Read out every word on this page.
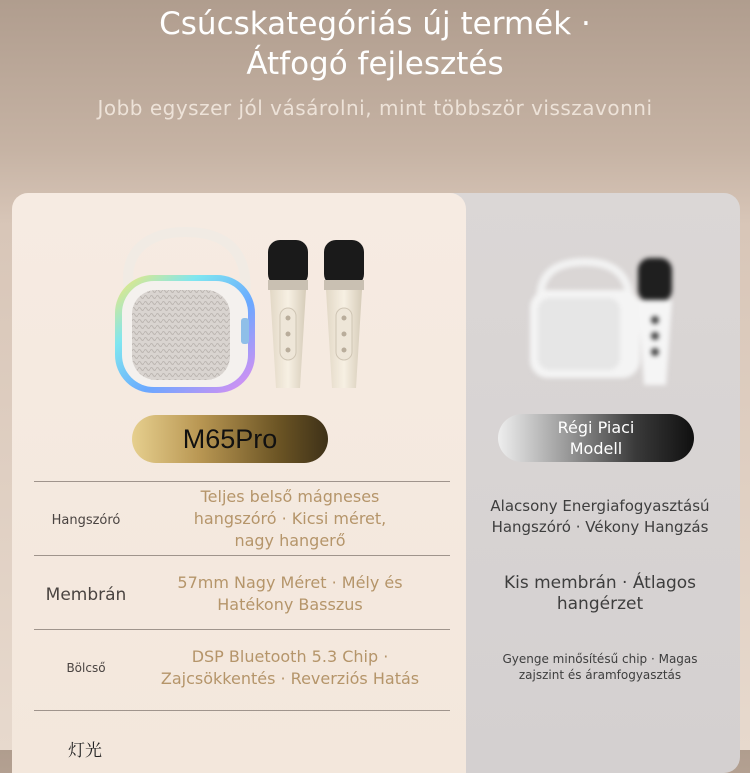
Csúcskategóriás új termék ·
Átfogó fejlesztés
Jobb egyszer jól vásárolni, mint többször visszavonni
M65Pro	Régi Piaci
Modell
Hangszóró
Teljes belső mágneses
hangszóró · Kicsi méret,
nagy hangerő
Alacsony Energiafogyasztású
Hangszóró · Vékony Hangzás
Membrán
57mm Nagy Méret · Mély és
Hatékony Basszus
Kis membrán · Átlagos
hangérzet
Bölcső
DSP Bluetooth 5.3 Chip ·
Zajcsökkentés · Reverziós Hatás
Gyenge minősítésű chip · Magas
zajszint és áramfogyasztás
灯光
